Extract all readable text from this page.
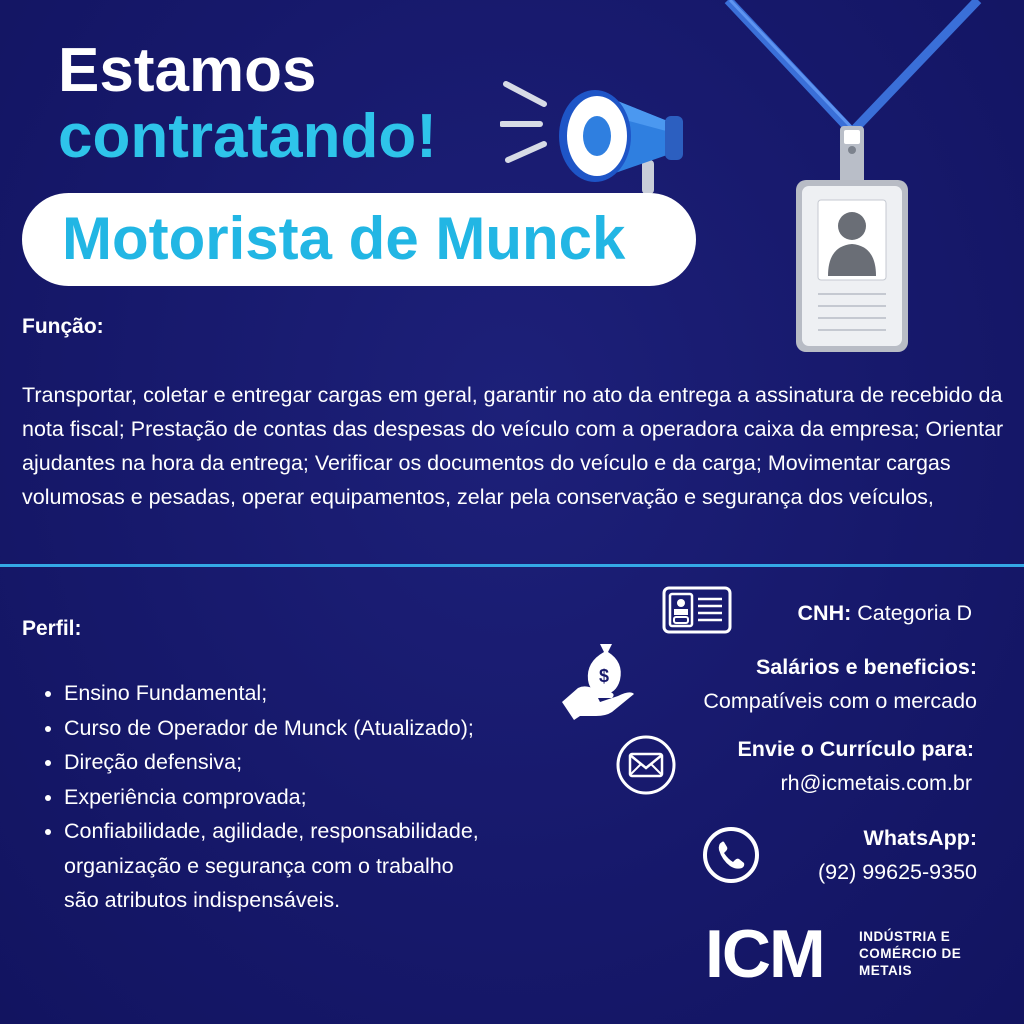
Estamos
contratando!
Motorista de Munck
Função:
Transportar, coletar e entregar cargas em geral, garantir no ato da entrega a assinatura de recebido da nota fiscal; Prestação de contas das despesas do veículo com a operadora caixa da empresa; Orientar ajudantes na hora da entrega; Verificar os documentos do veículo e da carga; Movimentar cargas volumosas e pesadas, operar equipamentos, zelar pela conservação e segurança dos veículos,
Perfil:
• Ensino Fundamental;
• Curso de Operador de Munck (Atualizado);
• Direção defensiva;
• Experiência comprovada;
• Confiabilidade, agilidade, responsabilidade, organização e segurança com o trabalho são atributos indispensáveis.
CNH: Categoria D
$	Salários e beneficios:
Compatíveis com o mercado
Envie o Currículo para:
rh@icmetais.com.br
WhatsApp:
(92) 99625-9350
ICM	INDÚSTRIA E
COMÉRCIO DE
METAIS
